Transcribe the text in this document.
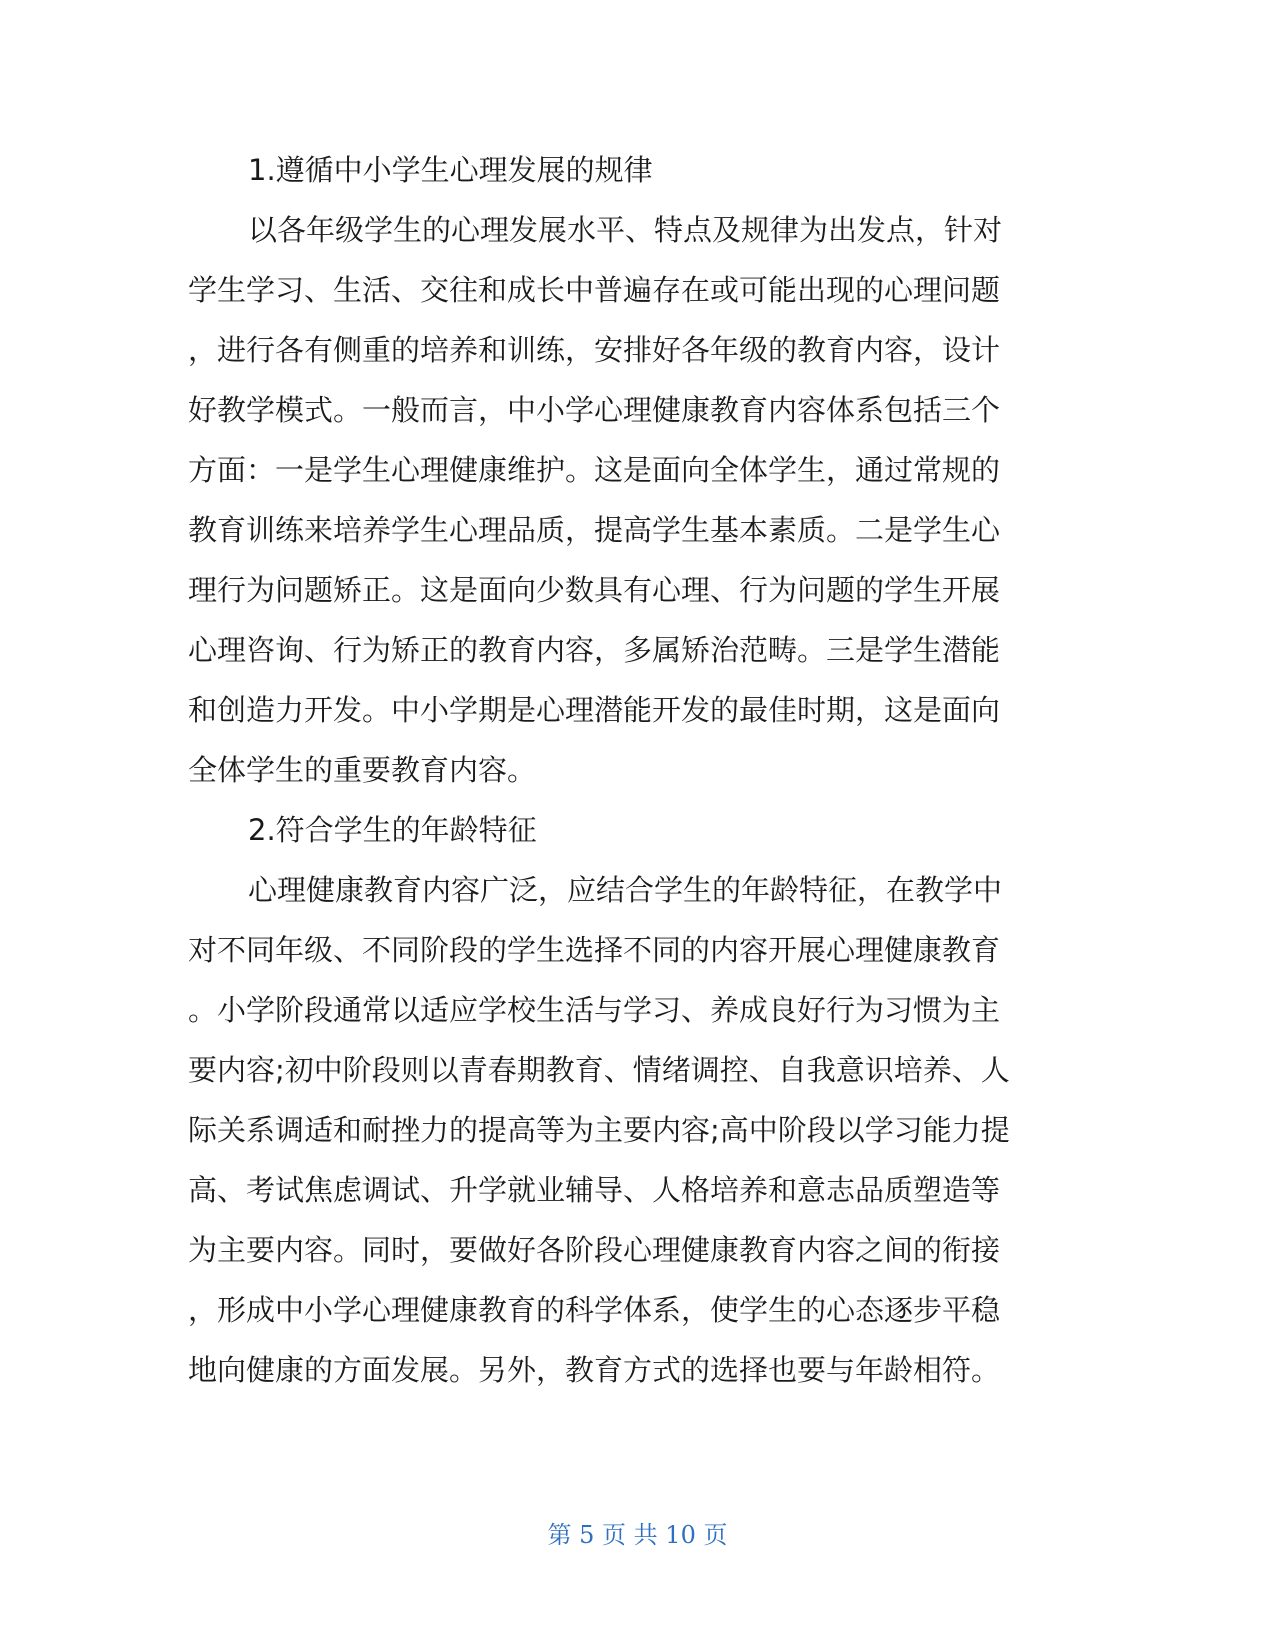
1.遵循中小学生心理发展的规律
以各年级学生的心理发展水平、特点及规律为出发点，针对
学生学习、生活、交往和成长中普遍存在或可能出现的心理问题
，进行各有侧重的培养和训练，安排好各年级的教育内容，设计
好教学模式。一般而言，中小学心理健康教育内容体系包括三个
方面：一是学生心理健康维护。这是面向全体学生，通过常规的
教育训练来培养学生心理品质，提高学生基本素质。二是学生心
理行为问题矫正。这是面向少数具有心理、行为问题的学生开展
心理咨询、行为矫正的教育内容，多属矫治范畴。三是学生潜能
和创造力开发。中小学期是心理潜能开发的最佳时期，这是面向
全体学生的重要教育内容。
2.符合学生的年龄特征
心理健康教育内容广泛，应结合学生的年龄特征，在教学中
对不同年级、不同阶段的学生选择不同的内容开展心理健康教育
。小学阶段通常以适应学校生活与学习、养成良好行为习惯为主
要内容;初中阶段则以青春期教育、情绪调控、自我意识培养、人
际关系调适和耐挫力的提高等为主要内容;高中阶段以学习能力提
高、考试焦虑调试、升学就业辅导、人格培养和意志品质塑造等
为主要内容。同时，要做好各阶段心理健康教育内容之间的衔接
，形成中小学心理健康教育的科学体系，使学生的心态逐步平稳
地向健康的方面发展。另外，教育方式的选择也要与年龄相符。
第 5 页 共 10 页
